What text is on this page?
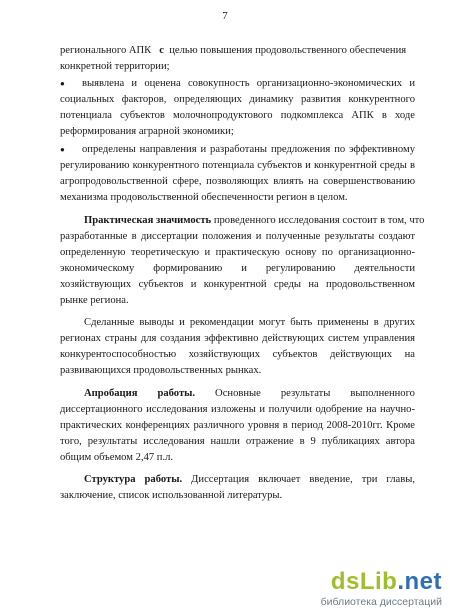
7
регионального АПК с целью повышения продовольственного обеспечения
конкретной территории;
● выявлена и оценена совокупность организационно-экономических и
социальных факторов, определяющих динамику развития конкурентного
потенциала субъектов молочнопродуктового подкомплекса АПК в ходе
реформирования аграрной экономики;
● определены направления и разработаны предложения по эффективному
регулированию конкурентного потенциала субъектов и конкурентной среды в
агропродовольственной сфере, позволяющих влиять на совершенствованию
механизма продовольственной обеспеченности регион в целом.
Практическая значимость проведенного исследования состоит в том, что
разработанные в диссертации положения и полученные результаты создают
определенную теоретическую и практическую основу по организационно-
экономическому формированию и регулированию деятельности
хозяйствующих субъектов и конкурентной среды на продовольственном
рынке регионa.
Сделанные выводы и рекомендации могут быть применены в других
регионах страны для создания эффективно действующих систем управления
конкурентоспособностью хозяйствующих субъектов действующих на
развивающихся продовольственных рынках.
Апробация работы. Основные результаты выполненного
диссертационного исследования изложены и получили одобрение на научно-
практических конференциях различного уровня в период 2008-2010гг. Кроме
того, результаты исследования нашли отражение в 9 публикациях автора
общим объемом 2,47 п.л.
Структура работы. Диссертация включает введение, три главы,
заключение, список использованной литературы.
dsLib.net
библиотека диссертаций
